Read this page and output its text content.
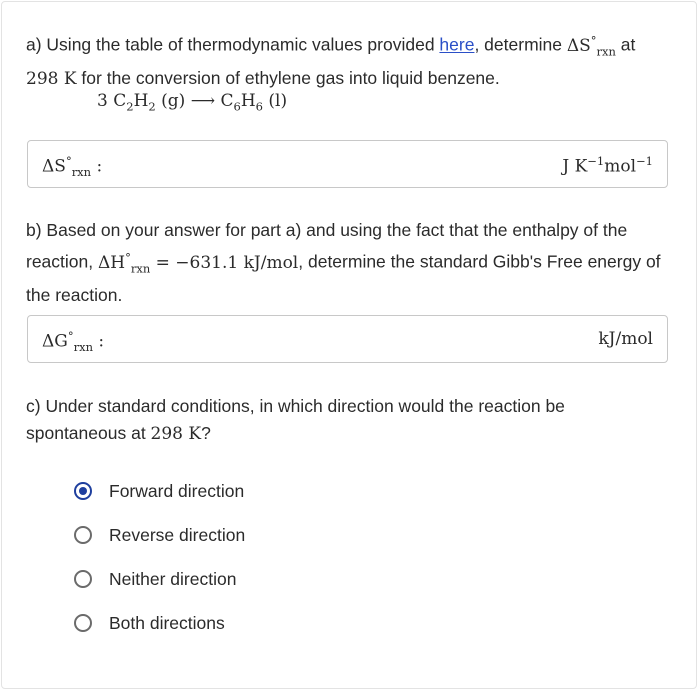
a) Using the table of thermodynamic values provided here, determine $\Delta S^\circ_{rxn}$ at
298 K for the conversion of ethylene gas into liquid benzene.
3 $C_2H_2$ (g) ⟶ $C_6H_6$ (l)
$\Delta S^\circ_{rxn}$ :	J $K^{-1}mol^{-1}$
b) Based on your answer for part a) and using the fact that the enthalpy of the reaction, $\Delta H^\circ_{rxn} = -631.1$ kJ/mol, determine the standard Gibb's Free energy of the reaction.
$\Delta G^\circ_{rxn}$ :	kJ/mol
c) Under standard conditions, in which direction would the reaction be spontaneous at 298 K?
Forward direction
Reverse direction
Neither direction
Both directions
